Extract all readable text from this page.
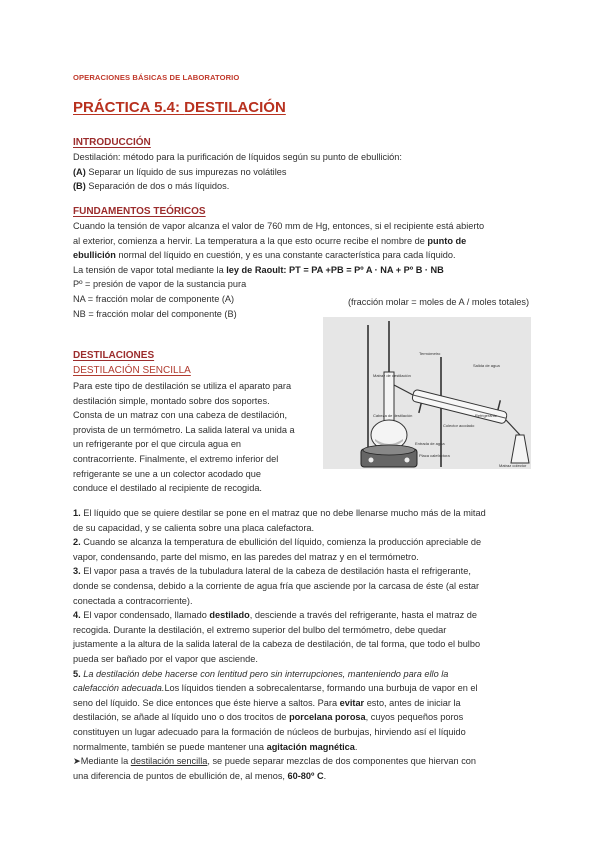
OPERACIONES BÁSICAS DE LABORATORIO
PRÁCTICA 5.4: DESTILACIÓN
INTRODUCCIÓN
Destilación: método para la purificación de líquidos según su punto de ebullición:
(A) Separar un líquido de sus impurezas no volátiles
(B) Separación de dos o más líquidos.
FUNDAMENTOS TEÓRICOS
Cuando la tensión de vapor alcanza el valor de 760 mm de Hg, entonces, si el recipiente está abierto
al exterior, comienza a hervir. La temperatura a la que esto ocurre recibe el nombre de punto de
ebullición normal del líquido en cuestión, y es una constante característica para cada líquido.
La tensión de vapor total mediante la ley de Raoult: PT = PA +PB = Pº A · NA + Pº B · NB
Pº = presión de vapor de la sustancia pura
NA = fracción molar de componente (A)
NB = fracción molar del componente (B)
(fracción molar = moles de A / moles totales)
Matraz de destilación
Termómetro
Cabeza de destilación
Salida de agua
Refrigerante
Entrada de agua
Colector acodado
Placa calefactora
Matraz colector
DESTILACIONES
DESTILACIÓN SENCILLA
Para este tipo de destilación se utiliza el aparato para
destilación simple, montado sobre dos soportes.
Consta de un matraz con una cabeza de destilación,
provista de un termómetro. La salida lateral va unida a
un refrigerante por el que circula agua en
contracorriente. Finalmente, el extremo inferior del
refrigerante se une a un colector acodado que
conduce el destilado al recipiente de recogida.
1. El líquido que se quiere destilar se pone en el matraz que no debe llenarse mucho más de la mitad
de su capacidad, y se calienta sobre una placa calefactora.
2. Cuando se alcanza la temperatura de ebullición del líquido, comienza la producción apreciable de
vapor, condensando, parte del mismo, en las paredes del matraz y en el termómetro.
3. El vapor pasa a través de la tubuladura lateral de la cabeza de destilación hasta el refrigerante,
donde se condensa, debido a la corriente de agua fría que asciende por la carcasa de éste (al estar
conectada a contracorriente).
4. El vapor condensado, llamado destilado, desciende a través del refrigerante, hasta el matraz de
recogida. Durante la destilación, el extremo superior del bulbo del termómetro, debe quedar
justamente a la altura de la salida lateral de la cabeza de destilación, de tal forma, que todo el bulbo
pueda ser bañado por el vapor que asciende.
5. La destilación debe hacerse con lentitud pero sin interrupciones, manteniendo para ello la
calefacción adecuada.Los líquidos tienden a sobrecalentarse, formando una burbuja de vapor en el
seno del líquido. Se dice entonces que éste hierve a saltos. Para evitar esto, antes de iniciar la
destilación, se añade al líquido uno o dos trocitos de porcelana porosa, cuyos pequeños poros
constituyen un lugar adecuado para la formación de núcleos de burbujas, hirviendo así el líquido
normalmente, también se puede mantener una agitación magnética.
➤Mediante la destilación sencilla, se puede separar mezclas de dos componentes que hiervan con
una diferencia de puntos de ebullición de, al menos, 60-80º C.
